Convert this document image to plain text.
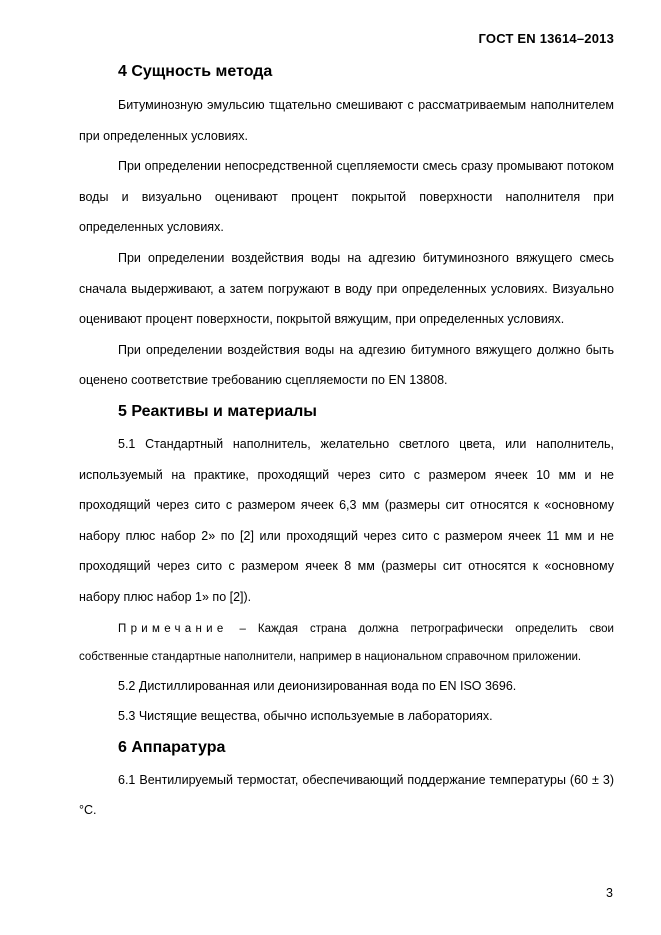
ГОСТ EN 13614–2013
4 Сущность метода

Битуминозную эмульсию тщательно смешивают с рассматриваемым наполнителем при определенных условиях.

При определении непосредственной сцепляемости смесь сразу промывают потоком воды и визуально оценивают процент покрытой поверхности наполнителя при определенных условиях.

При определении воздействия воды на адгезию битуминозного вяжущего смесь сначала выдерживают, а затем погружают в воду при определенных условиях. Визуально оценивают процент поверхности, покрытой вяжущим, при определенных условиях.

При определении воздействия воды на адгезию битумного вяжущего должно быть оценено соответствие требованию сцепляемости по EN 13808.

5 Реактивы и материалы

5.1 Стандартный наполнитель, желательно светлого цвета, или наполнитель, используемый на практике, проходящий через сито с размером ячеек 10 мм и не проходящий через сито с размером ячеек 6,3 мм (размеры сит относятся к «основному набору плюс набор 2» по [2] или проходящий через сито с размером ячеек 11 мм и не проходящий через сито с размером ячеек 8 мм (размеры сит относятся к «основному набору плюс набор 1» по [2]).

Примечание – Каждая страна должна петрографически определить свои собственные стандартные наполнители, например в национальном справочном приложении.

5.2 Дистиллированная или деионизированная вода по EN ISO 3696.

5.3 Чистящие вещества, обычно используемые в лабораториях.

6 Аппаратура

6.1 Вентилируемый термостат, обеспечивающий поддержание температуры (60 ± 3) °С.

3
